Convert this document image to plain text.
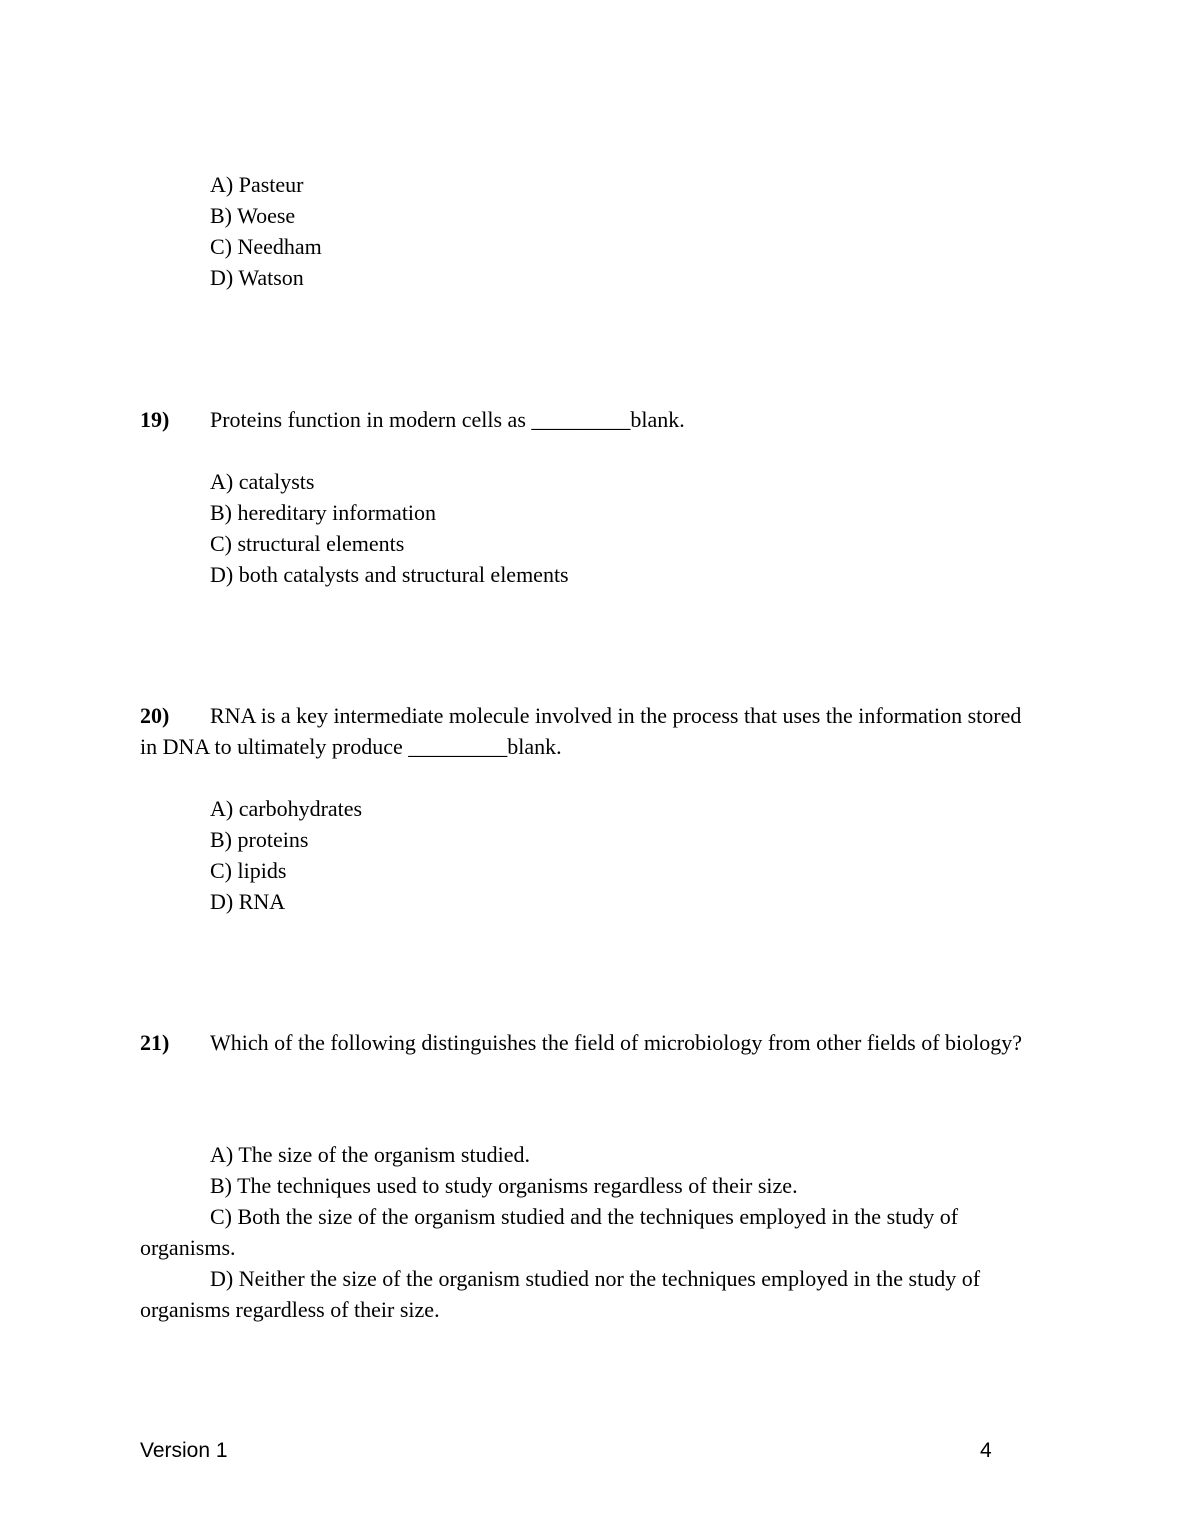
A) Pasteur
B) Woese
C) Needham
D) Watson
19) Proteins function in modern cells as _________blank.
A) catalysts
B) hereditary information
C) structural elements
D) both catalysts and structural elements
20) RNA is a key intermediate molecule involved in the process that uses the information stored in DNA to ultimately produce _________blank.
A) carbohydrates
B) proteins
C) lipids
D) RNA
21) Which of the following distinguishes the field of microbiology from other fields of biology?
A) The size of the organism studied.
B) The techniques used to study organisms regardless of their size.
C) Both the size of the organism studied and the techniques employed in the study of organisms.
D) Neither the size of the organism studied nor the techniques employed in the study of organisms regardless of their size.
Version 1	4
